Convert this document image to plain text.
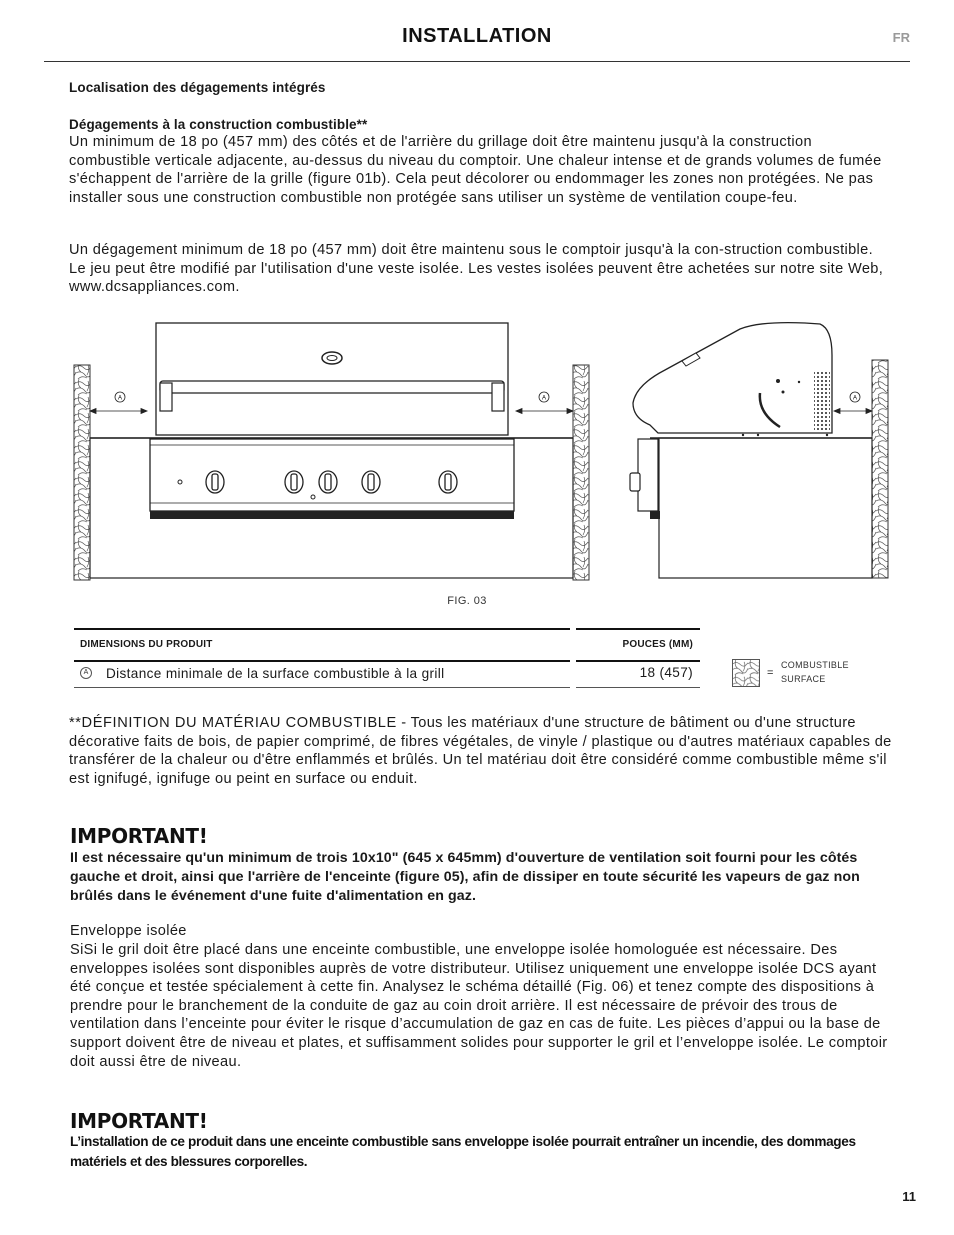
INSTALLATION	FR
Localisation des dégagements intégrés
Dégagements à la construction combustible**
Un minimum de 18 po (457 mm) des côtés et de l'arrière du grillage doit être maintenu jusqu'à la construction combustible verticale adjacente, au-dessus du niveau du comptoir. Une chaleur intense et de grands volumes de fumée s'échappent de l'arrière de la grille (figure 01b). Cela peut décolorer ou endommager les zones non protégées. Ne pas installer sous une construction combustible non protégée sans utiliser un système de ventilation coupe-feu.
Un dégagement minimum de 18 po (457 mm) doit être maintenu sous le comptoir jusqu'à la con-struction combustible. Le jeu peut être modifié par l'utilisation d'une veste isolée. Les vestes isolées peuvent être achetées sur notre site Web, www.dcsappliances.com.
A	A	A
FIG. 03
DIMENSIONS DU PRODUIT	POUCES (MM)
A Distance minimale de la surface combustible à la grill	18 (457)	=
COMBUSTIBLE
SURFACE
**DÉFINITION DU MATÉRIAU COMBUSTIBLE - Tous les matériaux d'une structure de bâtiment ou d'une structure décorative faits de bois, de papier comprimé, de fibres végétales, de vinyle / plastique ou d'autres matériaux capables de transférer de la chaleur ou d'être enflammés et brûlés. Un tel matériau doit être considéré comme combustible même s'il est ignifugé, ignifuge ou peint en surface ou enduit.
IMPORTANT!
Il est nécessaire qu'un minimum de trois 10x10" (645 x 645mm) d'ouverture de ventilation soit fourni pour les côtés gauche et droit, ainsi que l'arrière de l'enceinte (figure 05), afin de dissiper en toute sécurité les vapeurs de gaz non brûlés dans le événement d'une fuite d'alimentation en gaz.
Enveloppe isolée
SiSi le gril doit être placé dans une enceinte combustible, une enveloppe isolée homologuée est nécessaire. Des enveloppes isolées sont disponibles auprès de votre distributeur. Utilisez uniquement une enveloppe isolée DCS ayant été conçue et testée spécialement à cette fin. Analysez le schéma détaillé (Fig. 06) et tenez compte des dispositions à prendre pour le branchement de la conduite de gaz au coin droit arrière. Il est nécessaire de prévoir des trous de ventilation dans l’enceinte pour éviter le risque d’accumulation de gaz en cas de fuite. Les pièces d’appui ou la base de support doivent être de niveau et plates, et suffisamment solides pour supporter le gril et l’enveloppe isolée. Le comptoir doit aussi être de niveau.
IMPORTANT!
L’installation de ce produit dans une enceinte combustible sans enveloppe isolée pourrait entraîner un incendie, des dommages matériels et des blessures corporelles.
11
